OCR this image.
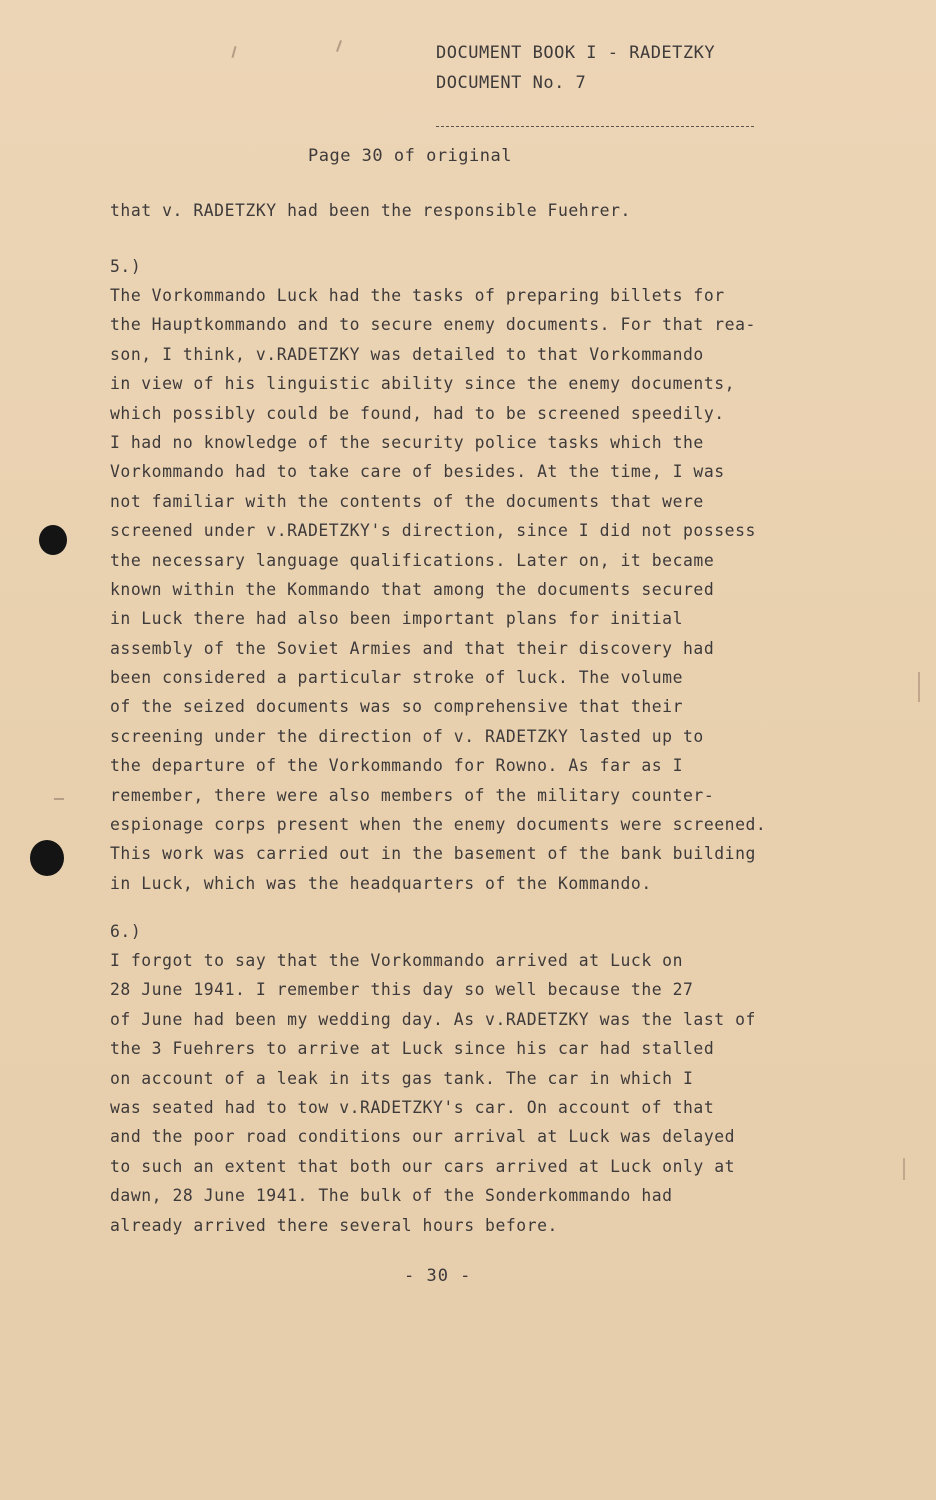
DOCUMENT BOOK I - RADETZKY
DOCUMENT No. 7
Page 30 of original
that v. RADETZKY had been the responsible Fuehrer.
5.)
The Vorkommando Luck had the tasks of preparing billets for
the Hauptkommando and to secure enemy documents. For that rea-
son, I think, v.RADETZKY was detailed to that Vorkommando
in view of his linguistic ability since the enemy documents,
which possibly could be found, had to be screened speedily.
I had no knowledge of the security police tasks which the
Vorkommando had to take care of besides. At the time, I was
not familiar with the contents of the documents that were
screened under v.RADETZKY's direction, since I did not possess
the necessary language qualifications. Later on, it became
known within the Kommando that among the documents secured
in Luck there had also been important plans for initial
assembly of the Soviet Armies and that their discovery had
been considered a particular stroke of luck. The volume
of the seized documents was so comprehensive that their
screening under the direction of v. RADETZKY lasted up to
the departure of the Vorkommando for Rowno. As far as I
remember, there were also members of the military counter-
espionage corps present when the enemy documents were screened.
This work was carried out in the basement of the bank building
in Luck, which was the headquarters of the Kommando.
6.)
I forgot to say that the Vorkommando arrived at Luck on
28 June 1941. I remember this day so well because the 27
of June had been my wedding day. As v.RADETZKY was the last of
the 3 Fuehrers to arrive at Luck since his car had stalled
on account of a leak in its gas tank. The car in which I
was seated had to tow v.RADETZKY's car. On account of that
and the poor road conditions our arrival at Luck was delayed
to such an extent that both our cars arrived at Luck only at
dawn, 28 June 1941. The bulk of the Sonderkommando had
already arrived there several hours before.
- 30 -
